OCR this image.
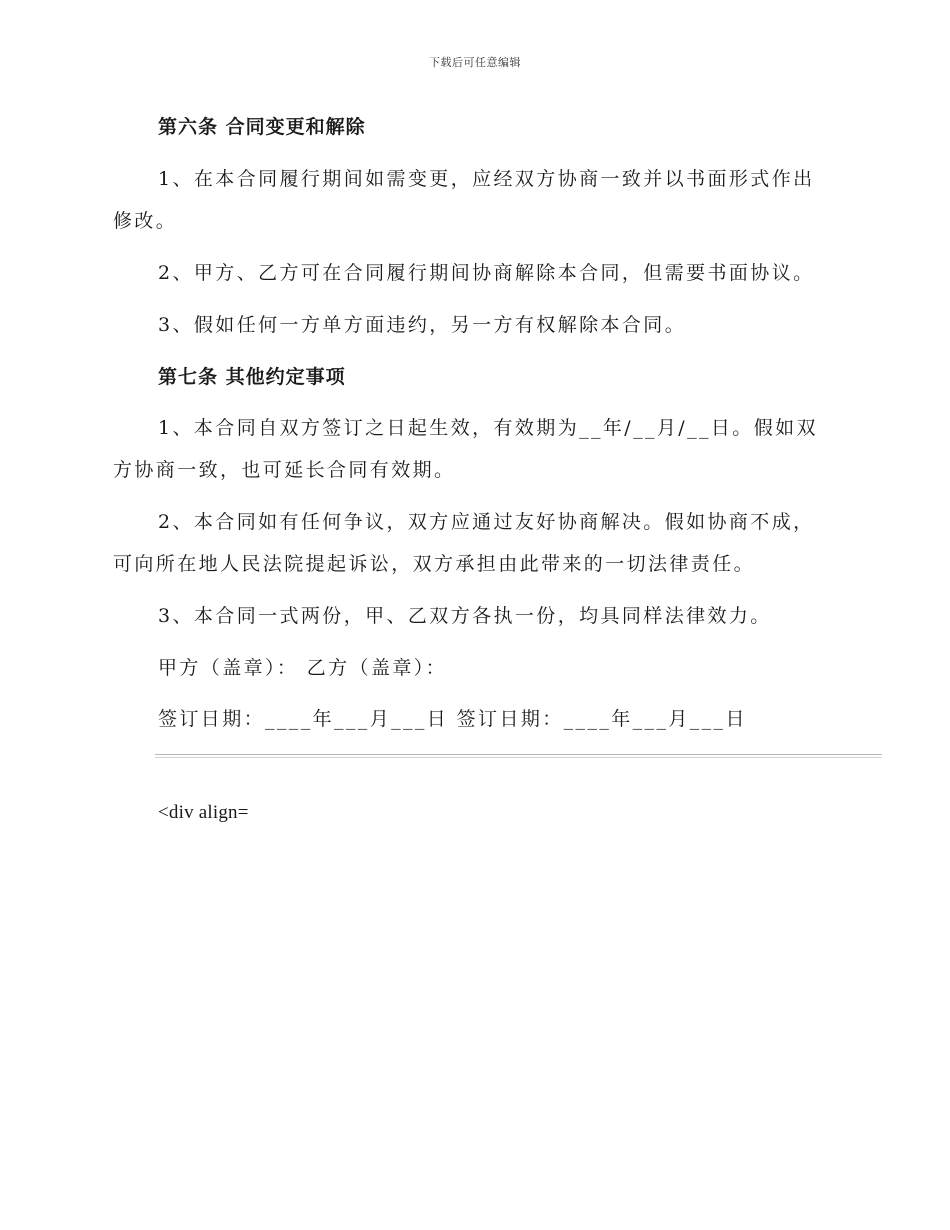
下载后可任意编辑
第六条 合同变更和解除
1、在本合同履行期间如需变更，应经双方协商一致并以书面形式作出
修改。
2、甲方、乙方可在合同履行期间协商解除本合同，但需要书面协议。
3、假如任何一方单方面违约，另一方有权解除本合同。
第七条 其他约定事项
1、本合同自双方签订之日起生效，有效期为__年/__月/__日。假如双
方协商一致，也可延长合同有效期。
2、本合同如有任何争议，双方应通过友好协商解决。假如协商不成，
可向所在地人民法院提起诉讼，双方承担由此带来的一切法律责任。
3、本合同一式两份，甲、乙双方各执一份，均具同样法律效力。
甲方（盖章）： 乙方（盖章）：
签订日期：____年___月___日 签订日期：____年___月___日
<div align=
